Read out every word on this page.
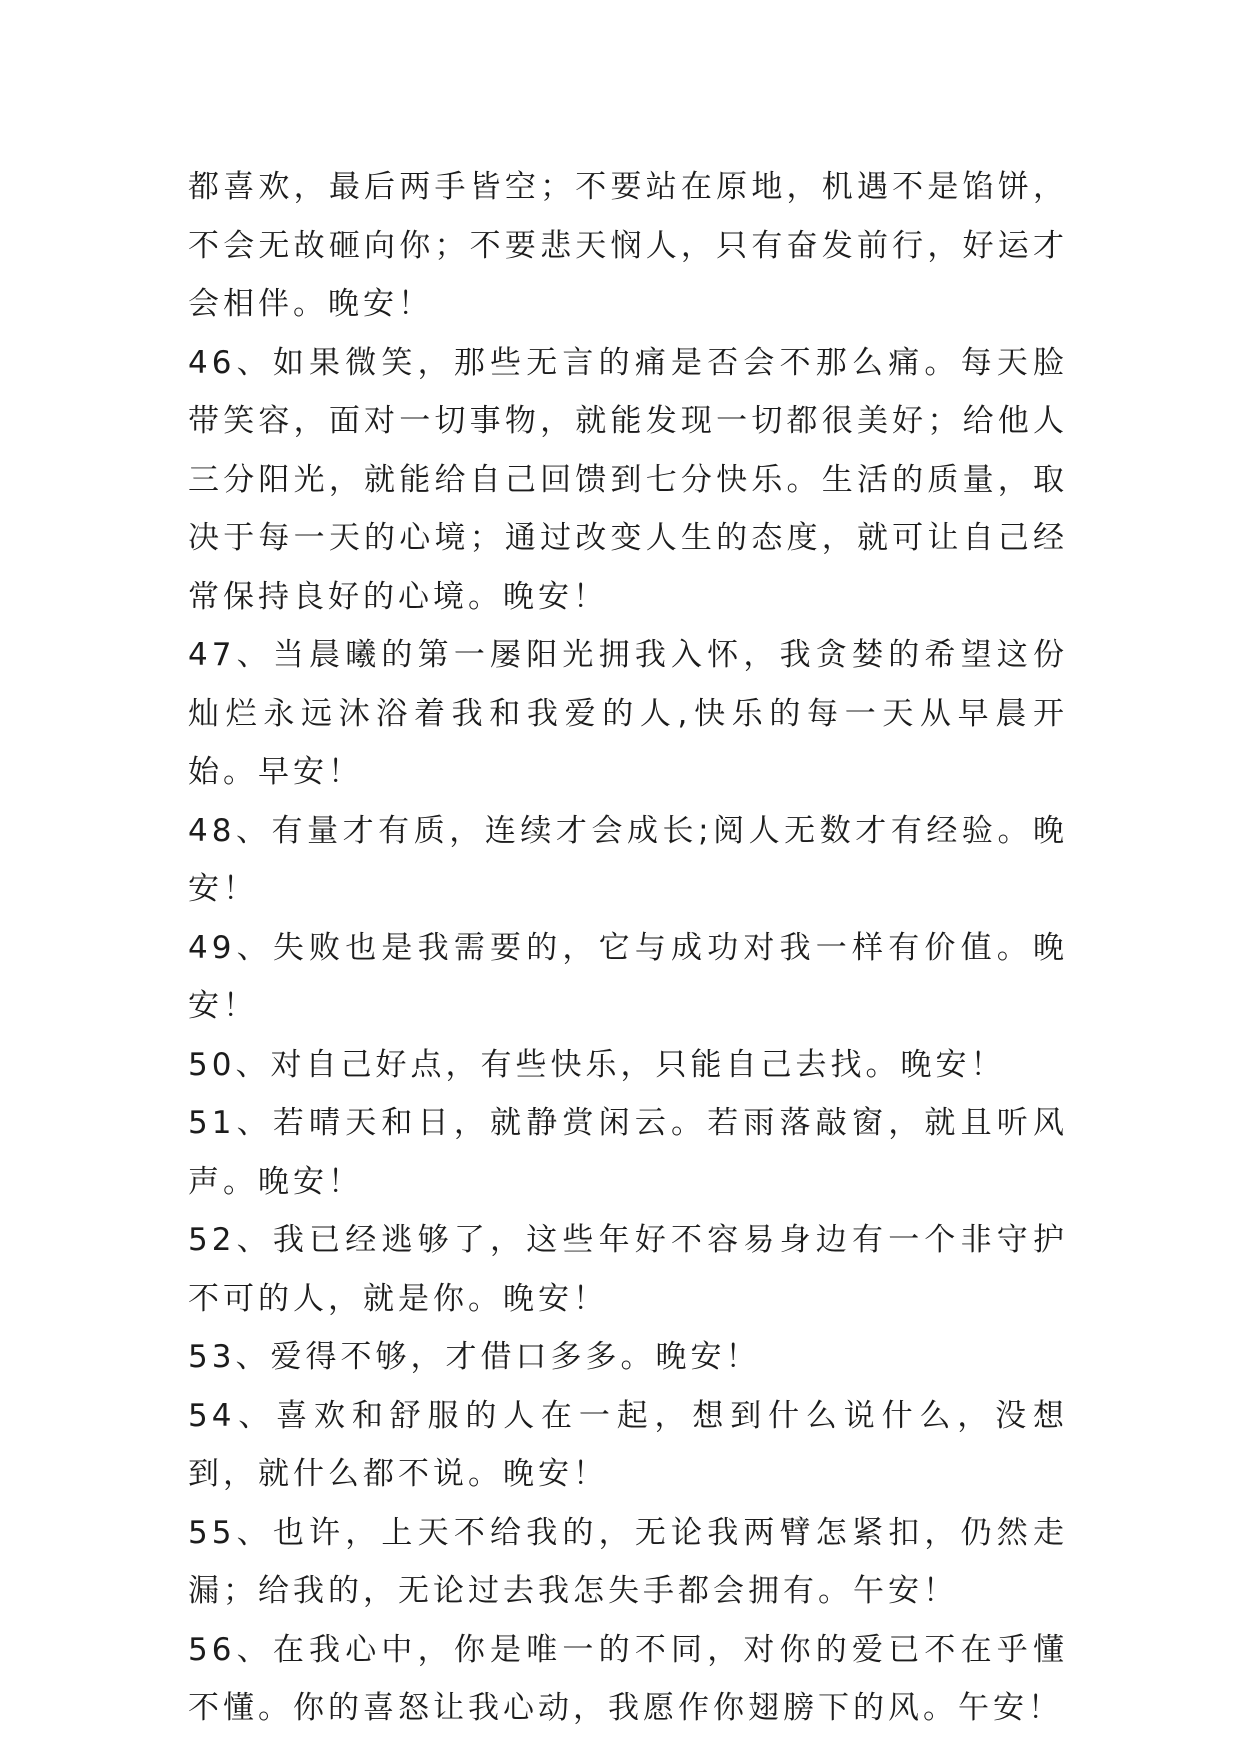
都喜欢，最后两手皆空；不要站在原地，机遇不是馅饼，不会无故砸向你；不要悲天悯人，只有奋发前行，好运才会相伴。晚安！

46、如果微笑，那些无言的痛是否会不那么痛。每天脸带笑容，面对一切事物，就能发现一切都很美好；给他人三分阳光，就能给自己回馈到七分快乐。生活的质量，取决于每一天的心境；通过改变人生的态度，就可让自己经常保持良好的心境。晚安！

47、当晨曦的第一屡阳光拥我入怀，我贪婪的希望这份灿烂永远沐浴着我和我爱的人,快乐的每一天从早晨开始。早安！

48、有量才有质，连续才会成长;阅人无数才有经验。晚安！

49、失败也是我需要的，它与成功对我一样有价值。晚安！

50、对自己好点，有些快乐，只能自己去找。晚安！

51、若晴天和日，就静赏闲云。若雨落敲窗，就且听风声。晚安！

52、我已经逃够了，这些年好不容易身边有一个非守护不可的人，就是你。晚安！

53、爱得不够，才借口多多。晚安！

54、喜欢和舒服的人在一起，想到什么说什么，没想到，就什么都不说。晚安！

55、也许，上天不给我的，无论我两臂怎紧扣，仍然走漏；给我的，无论过去我怎失手都会拥有。午安！

56、在我心中，你是唯一的不同，对你的爱已不在乎懂不懂。你的喜怒让我心动，我愿作你翅膀下的风。午安！
